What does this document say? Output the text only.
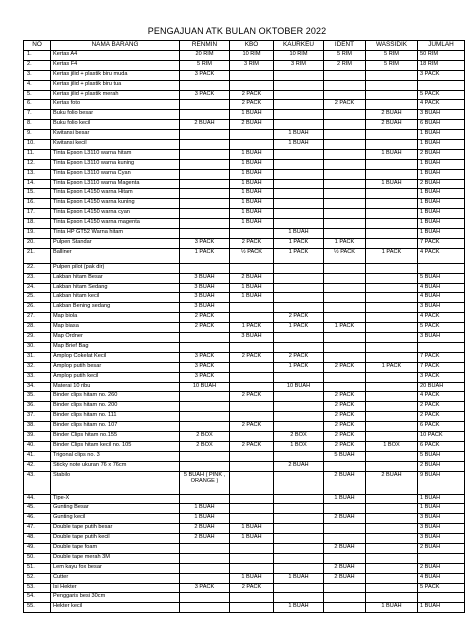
PENGAJUAN ATK BULAN OKTOBER 2022
NO	NAMA BARANG	RENMIN	KBO	KAURKEU	IDENT	WASSIDIK	JUMLAH
1.	Kertas A4	20 RIM	10 RIM	10 RIM	5 RIM	5 RIM	50 RIM
2.	Kertas F4	5 RIM	3 RIM	3 RIM	2 RIM	5 RIM	18 RIM
3.	Kertas jilid + plastik biru muda	3 PACK					3 PACK
4.	Kertas jilid + plastik biru tua						
5.	Kertas jilid + plastik merah	3 PACK	2 PACK				5 PACK
6.	Kertas foto		2 PACK		2 PACK		4 PACK
7.	Buku folio besar		1 BUAH			2 BUAH	3 BUAH
8.	Buku folio kecil	2 BUAH	2 BUAH			2 BUAH	6 BUAH
9.	Kwitansi besar			1 BUAH			1 BUAH
10.	Kwitansi kecil			1 BUAH			1 BUAH
11.	Tinta Epson L3110 warna hitam		1 BUAH			1 BUAH	2 BUAH
12.	Tinta Epson L3110 warna kuning		1 BUAH				1 BUAH
13.	Tinta Epson L3110 warna Cyan		1 BUAH				1 BUAH
14.	Tinta Epson L3110 warna Magenta		1 BUAH			1 BUAH	2 BUAH
15.	Tinta Epson L4150 warna Hitam		1 BUAH				1 BUAH
16.	Tinta Epson L4150 warna kuning		1 BUAH				1 BUAH
17.	Tinta Epson L4150 warna cyan		1 BUAH				1 BUAH
18.	Tinta Epson L4150 warna magenta		1 BUAH				1 BUAH
19.	Tinta HP GT52 Warna hitam			1 BUAH			1 BUAH
20.	Pulpen Standar	3 PACK	2 PACK	1 PACK	1 PACK		7 PACK
21.	Balliner	1 PACK	½ PACK	1 PACK	½ PACK	1 PACK	4 PACK
22.	Pulpen pilot (pak dir)						
23.	Lakban hitam Besar	3 BUAH	2 BUAH				5 BUAH
24.	Lakban hitam Sedang	3 BUAH	1 BUAH				4 BUAH
25.	Lakban hitam kecil	3 BUAH	1 BUAH				4 BUAH
26.	Lakban Bening sedang	3 BUAH					3 BUAH
27.	Map biola	2 PACK		2 PACK			4 PACK
28.	Map biasa	2 PACK	1 PACK	1 PACK	1 PACK		5 PACK
29.	Map Ordner		3 BUAH				3 BUAH
30.	Map Brief Bag						
31.	Amplop Cokelat Kecil	3 PACK	2 PACK	2 PACK			7 PACK
32.	Amplop putih besar	3 PACK		1 PACK	2 PACK	1 PACK	7 PACK
33.	Amplop putih kecil	3 PACK					3 PACK
34.	Materai 10 ribu	10 BUAH		10 BUAH			20 BUAH
35.	Binder clips hitam no. 260		2 PACK		2 PACK		4 PACK
36.	Binder clips hitam no. 200				2 PACK		2 PACK
37.	Binder clips hitam no. 111				2 PACK		2 PACK
38.	Binder clips hitam no. 107		2 PACK		2 PACK		6 PACK
39.	Binder Clips hitam no.155	2 BOX		2 BOX	2 PACK		10 PACK
40.	Binder Clips hitam kecil no. 105	2 BOX	2 PACK	1 BOX	2 PACK	1 BOX	6 PACK
41.	Trigonal clips no. 3				5 BUAH		5 BUAH
42.	Sticky note ukuran 76 x 76cm			2 BUAH			2 BUAH
43.	Stabilo	5 BUAH ( PINK , ORANGE )			2 BUAH	2 BUAH	9 BUAH
44.	Tipe-X				1 BUAH		1 BUAH
45.	Gunting Besar	1 BUAH					1 BUAH
46.	Gunting kecil	1 BUAH			2 BUAH		3 BUAH
47.	Double tape putih besar	2 BUAH	1 BUAH				3 BUAH
48.	Double tape putih kecil	2 BUAH	1 BUAH				3 BUAH
49.	Double tape foam				2 BUAH		2 BUAH
50.	Double tape merah 3M						
51.	Lem kayu fox besar				2 BUAH		2 BUAH
52.	Cutter		1 BUAH	1 BUAH	2 BUAH		4 BUAH
53.	Isi Hekter	3 PACK	2 PACK				5 PACK
54.	Penggaris besi 30cm						
55.	Hekter kecil			1 BUAH		1 BUAH	1 BUAH
